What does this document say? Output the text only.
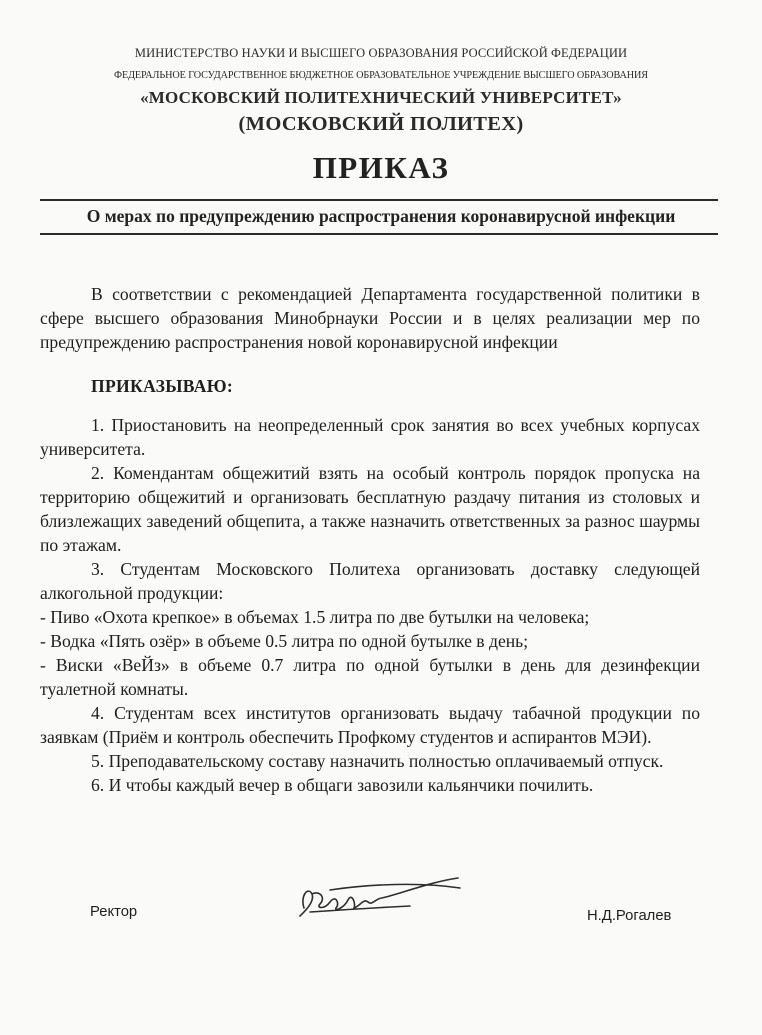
МИНИСТЕРСТВО НАУКИ И ВЫСШЕГО ОБРАЗОВАНИЯ РОССИЙСКОЙ ФЕДЕРАЦИИ
ФЕДЕРАЛЬНОЕ ГОСУДАРСТВЕННОЕ БЮДЖЕТНОЕ ОБРАЗОВАТЕЛЬНОЕ УЧРЕЖДЕНИЕ ВЫСШЕГО ОБРАЗОВАНИЯ
«МОСКОВСКИЙ ПОЛИТЕХНИЧЕСКИЙ УНИВЕРСИТЕТ»
(МОСКОВСКИЙ ПОЛИТЕХ)
ПРИКАЗ
О мерах по предупреждению распространения коронавирусной инфекции

В соответствии с рекомендацией Департамента государственной политики в сфере высшего образования Минобрнауки России и в целях реализации мер по предупреждению распространения новой коронавирусной инфекции

ПРИКАЗЫВАЮ:

1. Приостановить на неопределенный срок занятия во всех учебных корпусах университета.

2. Комендантам общежитий взять на особый контроль порядок пропуска на территорию общежитий и организовать бесплатную раздачу питания из столовых и близлежащих заведений общепита, а также назначить ответственных за разнос шаурмы по этажам.

3. Студентам Московского Политеха организовать доставку следующей алкогольной продукции:

- Пиво «Охота крепкое» в объемах 1.5 литра по две бутылки на человека;

- Водка «Пять озёр» в объеме 0.5 литра по одной бутылке в день;

- Виски «ВеЙз» в объеме 0.7 литра по одной бутылки в день для дезинфекции туалетной комнаты.

4. Студентам всех институтов организовать выдачу табачной продукции по заявкам (Приём и контроль обеспечить Профкому студентов и аспирантов МЭИ).

5. Преподавательскому составу назначить полностью оплачиваемый отпуск.

6. И чтобы каждый вечер в общаги завозили кальянчики почилить.

Ректор	Н.Д.Рогалев
